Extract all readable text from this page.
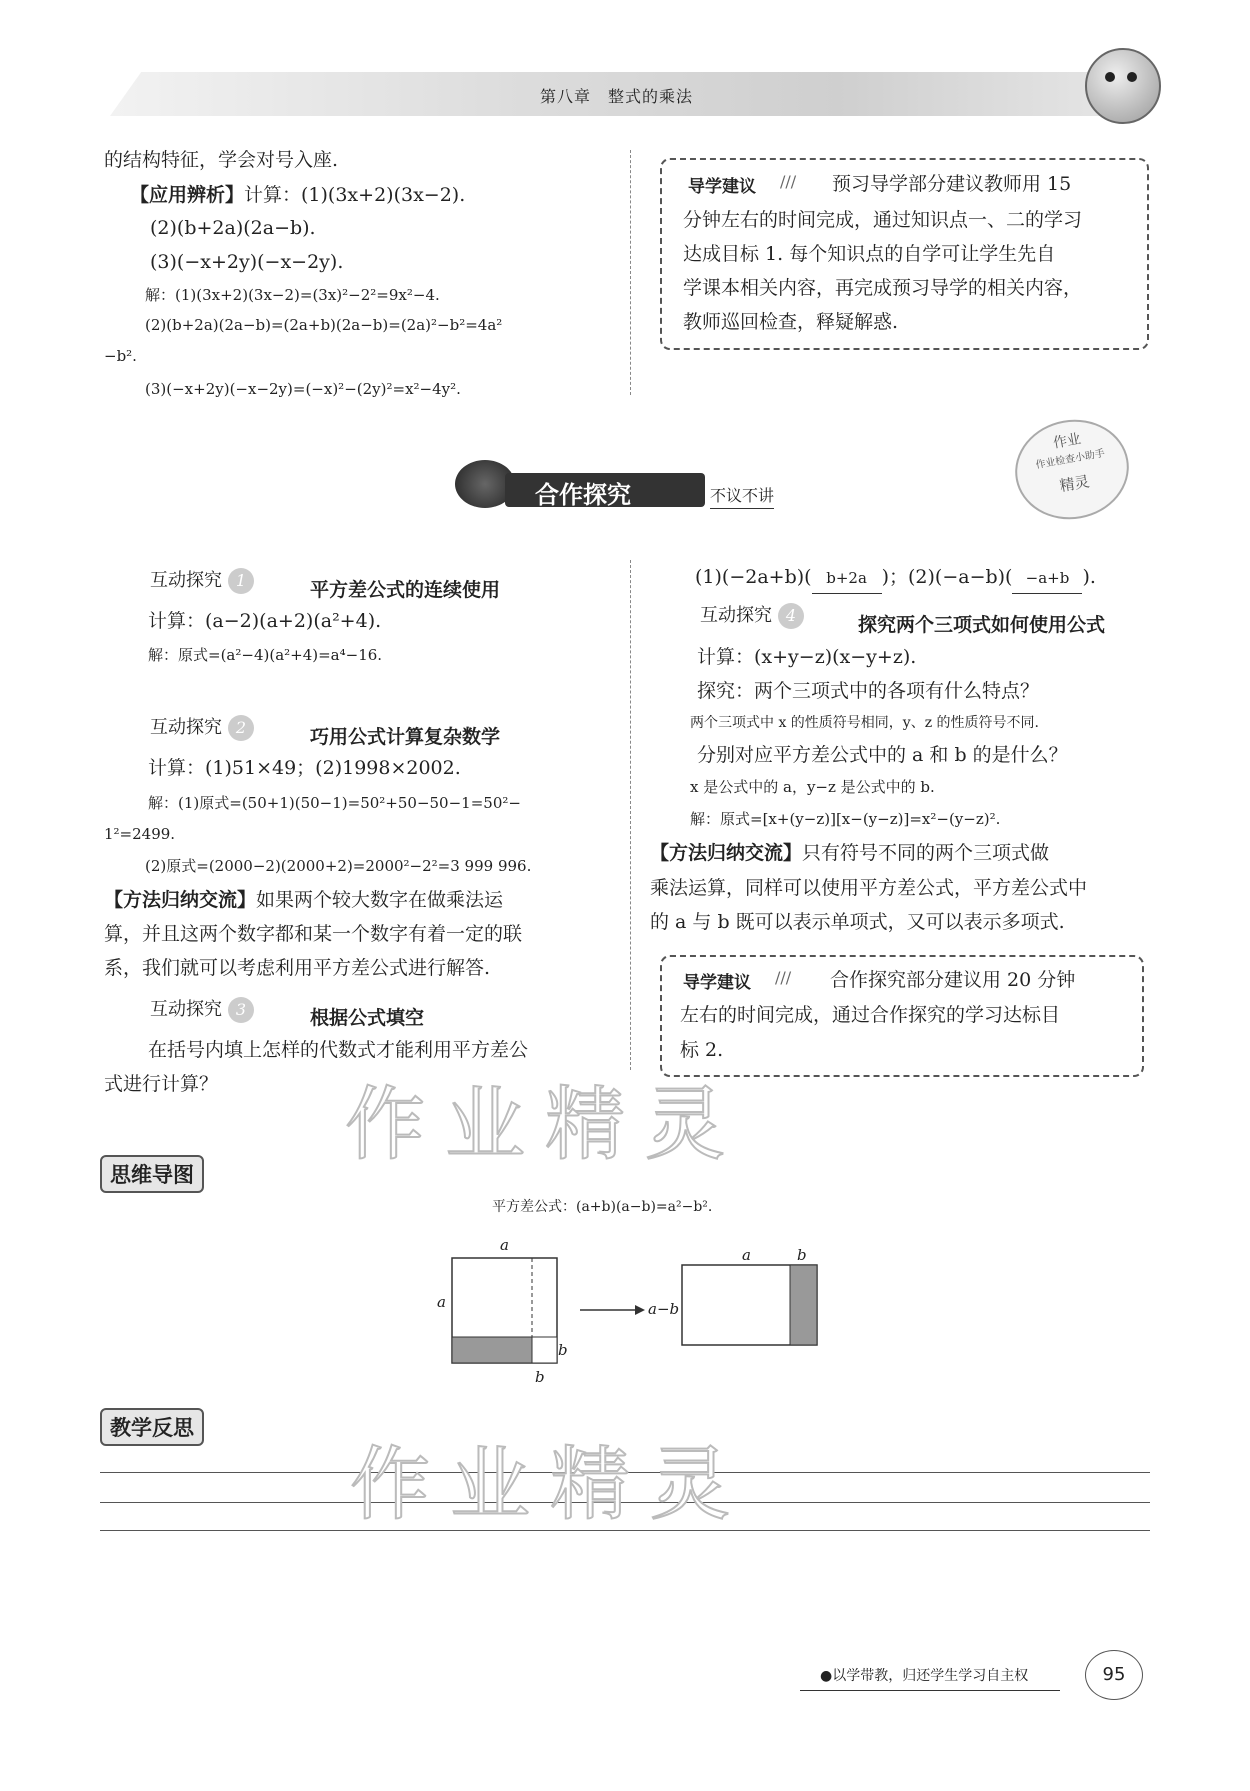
第八章　整式的乘法
的结构特征，学会对号入座.
【应用辨析】计算：(1)(3x+2)(3x−2).
(2)(b+2a)(2a−b).
(3)(−x+2y)(−x−2y).
解：(1)(3x+2)(3x−2)=(3x)²−2²=9x²−4.
(2)(b+2a)(2a−b)=(2a+b)(2a−b)=(2a)²−b²=4a²
−b².
(3)(−x+2y)(−x−2y)=(−x)²−(2y)²=x²−4y².
导学建议 /// 预习导学部分建议教师用 15
分钟左右的时间完成，通过知识点一、二的学习
达成目标 1. 每个知识点的自学可让学生先自
学课本相关内容，再完成预习导学的相关内容，
教师巡回检查，释疑解惑.
合作探究	不议不讲
作业
作业检查小助手
精灵
互动探究 1	平方差公式的连续使用
计算：(a−2)(a+2)(a²+4).
解：原式=(a²−4)(a²+4)=a⁴−16.
互动探究 2	巧用公式计算复杂数学
计算：(1)51×49；(2)1998×2002.
解：(1)原式=(50+1)(50−1)=50²+50−50−1=50²−
1²=2499.
(2)原式=(2000−2)(2000+2)=2000²−2²=3 999 996.
【方法归纳交流】如果两个较大数字在做乘法运
算，并且这两个数字都和某一个数字有着一定的联
系，我们就可以考虑利用平方差公式进行解答.
互动探究 3	根据公式填空
在括号内填上怎样的代数式才能利用平方差公
式进行计算？
(1)(−2a+b)( b+2a )；(2)(−a−b)( −a+b ).
互动探究 4	探究两个三项式如何使用公式
计算：(x+y−z)(x−y+z).
探究：两个三项式中的各项有什么特点？
两个三项式中 x 的性质符号相同，y、z 的性质符号不同.
分别对应平方差公式中的 a 和 b 的是什么？
x 是公式中的 a，y−z 是公式中的 b.
解：原式=[x+(y−z)][x−(y−z)]=x²−(y−z)².
【方法归纳交流】只有符号不同的两个三项式做
乘法运算，同样可以使用平方差公式，平方差公式中
的 a 与 b 既可以表示单项式，又可以表示多项式.
导学建议 /// 合作探究部分建议用 20 分钟
左右的时间完成，通过合作探究的学习达标目
标 2.
作业精灵
思维导图
平方差公式：(a+b)(a−b)=a²−b².
a
a
b
b
a−b
a	b
教学反思
作业精灵
●以学带教，归还学生学习自主权	95
